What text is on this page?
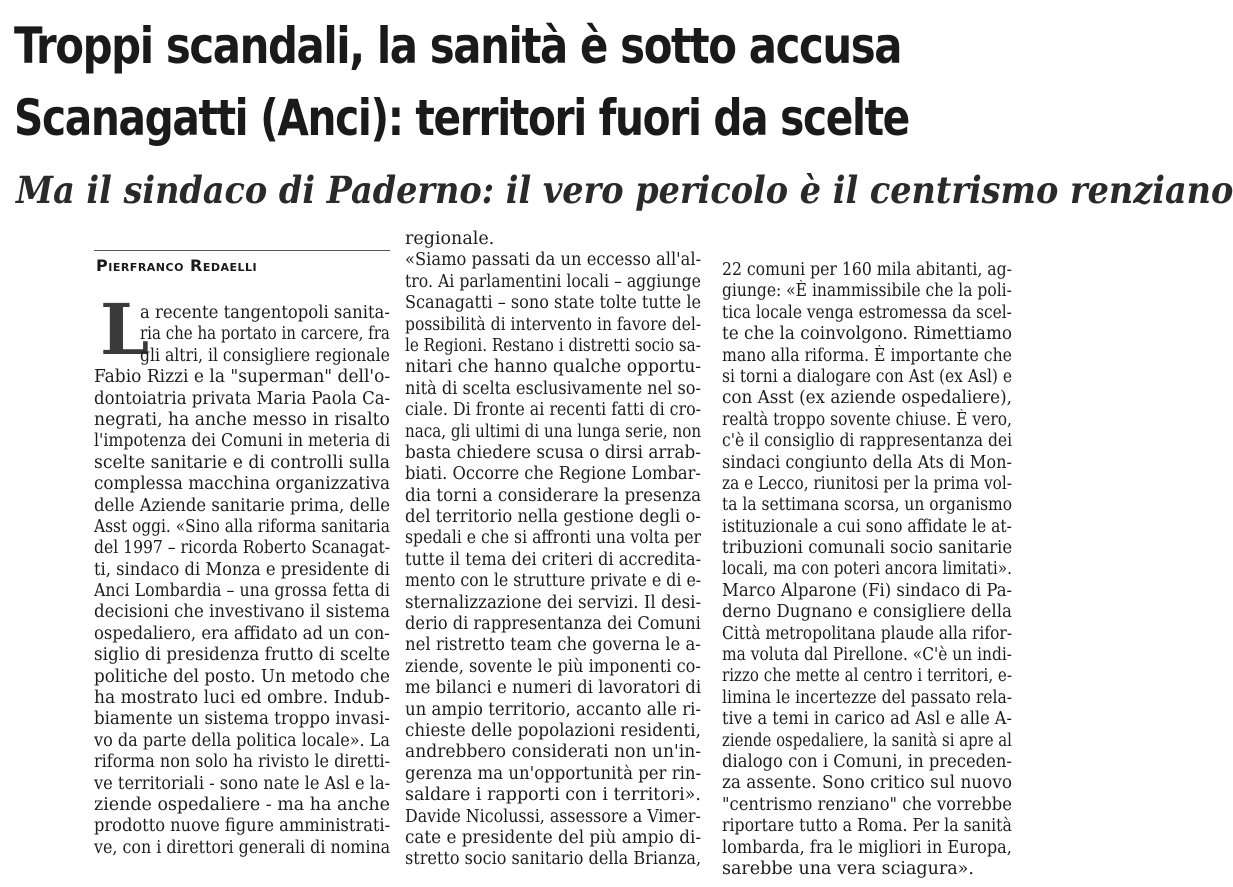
Troppi scandali, la sanità è sotto accusa
Scanagatti (Anci): territori fuori da scelte
Ma il sindaco di Paderno: il vero pericolo è il centrismo renziano
Pierfranco Redaelli
L
a recente tangentopoli sanita-
ria che ha portato in carcere, fra
gli altri, il consigliere regionale
Fabio Rizzi e la "superman" dell'o-
dontoiatria privata Maria Paola Ca-
negrati, ha anche messo in risalto
l'impotenza dei Comuni in meteria di
scelte sanitarie e di controlli sulla
complessa macchina organizzativa
delle Aziende sanitarie prima, delle
Asst oggi. «Sino alla riforma sanitaria
del 1997 – ricorda Roberto Scanagat-
ti, sindaco di Monza e presidente di
Anci Lombardia – una grossa fetta di
decisioni che investivano il sistema
ospedaliero, era affidato ad un con-
siglio di presidenza frutto di scelte
politiche del posto. Un metodo che
ha mostrato luci ed ombre. Indub-
biamente un sistema troppo invasi-
vo da parte della politica locale». La
riforma non solo ha rivisto le diretti-
ve territoriali - sono nate le Asl e la-
ziende ospedaliere - ma ha anche
prodotto nuove figure amministrati-
ve, con i direttori generali di nomina
regionale.
«Siamo passati da un eccesso all'al-
tro. Ai parlamentini locali – aggiunge
Scanagatti – sono state tolte tutte le
possibilità di intervento in favore del-
le Regioni. Restano i distretti socio sa-
nitari che hanno qualche opportu-
nità di scelta esclusivamente nel so-
ciale. Di fronte ai recenti fatti di cro-
naca, gli ultimi di una lunga serie, non
basta chiedere scusa o dirsi arrab-
biati. Occorre che Regione Lombar-
dia torni a considerare la presenza
del territorio nella gestione degli o-
spedali e che si affronti una volta per
tutte il tema dei criteri di accredita-
mento con le strutture private e di e-
sternalizzazione dei servizi. Il desi-
derio di rappresentanza dei Comuni
nel ristretto team che governa le a-
ziende, sovente le più imponenti co-
me bilanci e numeri di lavoratori di
un ampio territorio, accanto alle ri-
chieste delle popolazioni residenti,
andrebbero considerati non un'in-
gerenza ma un'opportunità per rin-
saldare i rapporti con i territori».
Davide Nicolussi, assessore a Vimer-
cate e presidente del più ampio di-
stretto socio sanitario della Brianza,
22 comuni per 160 mila abitanti, ag-
giunge: «È inammissibile che la poli-
tica locale venga estromessa da scel-
te che la coinvolgono. Rimettiamo
mano alla riforma. È importante che
si torni a dialogare con Ast (ex Asl) e
con Asst (ex aziende ospedaliere),
realtà troppo sovente chiuse. È vero,
c'è il consiglio di rappresentanza dei
sindaci congiunto della Ats di Mon-
za e Lecco, riunitosi per la prima vol-
ta la settimana scorsa, un organismo
istituzionale a cui sono affidate le at-
tribuzioni comunali socio sanitarie
locali, ma con poteri ancora limitati».
Marco Alparone (Fi) sindaco di Pa-
derno Dugnano e consigliere della
Città metropolitana plaude alla rifor-
ma voluta dal Pirellone. «C'è un indi-
rizzo che mette al centro i territori, e-
limina le incertezze del passato rela-
tive a temi in carico ad Asl e alle A-
ziende ospedaliere, la sanità si apre al
dialogo con i Comuni, in preceden-
za assente. Sono critico sul nuovo
"centrismo renziano" che vorrebbe
riportare tutto a Roma. Per la sanità
lombarda, fra le migliori in Europa,
sarebbe una vera sciagura».
